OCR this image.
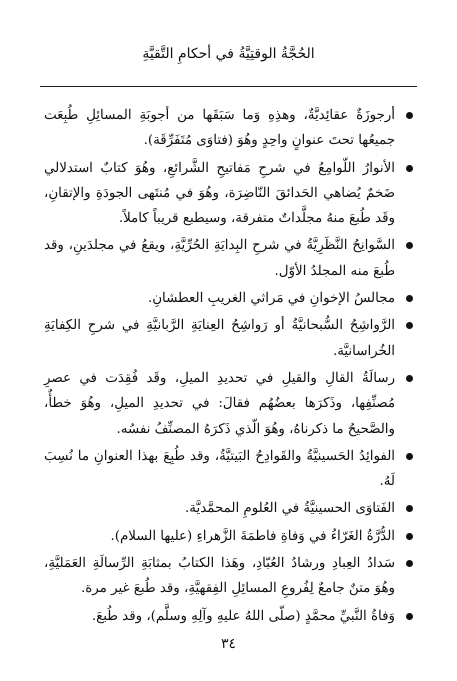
الحُجَّةُ الوقتِيَّةُ في أحكامِ التَّقيَّةِ

أرجوزَةٌ عقائِديَّةٌ، وهذِهِ وَما سَبَقَها من أجوبَةِ المسائِلِ طُبِعَت جميعُها تحتَ عنوانٍ واحِدٍ وهُوَ (فتاوَى مُتَفَرِّقَة).

الأنوارُ اللّوامِعُ في شرحِ مَفاتيحِ الشَّرائعِ، وهُوَ كتابٌ استدلالي ضَخمٌ يُضاهي الحَدائقَ النّاضِرَة، وهُوَ في مُنتَهى الجودَةِ والإتقانِ، وقَد طُبعَ منهُ مجلَّداتٌ متفرقة، وسيطبع قريباً كاملاً.

السَّوانِحُ النَّظَرِيَّةُ في شرحِ البِدايَةِ الحُرِّيَّةِ، ويقعُ في مجلدَينِ، وقد طُبعَ منه المجلدُ الأوّل.

مجالسُ الإخوانِ في مَراثي الغريبِ العطشانِ.

الرَّواشِحُ السُّبحانيَّةُ أو رَواشِحُ العِنايَةِ الرَّبانيَّةِ في شرحِ الكِفايَةِ الخُراسانيَّة.

رسالَةُ القالِ والقيلِ في تحديدِ الميلِ، وقَد فُقِدَت في عصرِ مُصنِّفِها، وذَكرَها بعضُهُم فقالَ: في تحديدِ الميلِ، وهُوَ خطأٌ، والصَّحيحُ ما ذكرناهُ، وهُوَ الّذي ذَكرَهُ المصنِّفُ نفسُه.

الفوائِدُ الحَسينيَّةُ والقَوادِحُ البَيتيَّةُ، وقد طُبِعَ بهذا العنوانِ ما نُسِبَ لَهُ.

الفَتاوَى الحسينيَّةُ في العُلومِ المحمَّديَّة.

الدُّرَّةُ الغَرّاءُ في وَفاةِ فاطمَةَ الزَّهراءِ (عليها السلام).

سَدادُ العِبادِ ورشادُ العُبّادِ، وهَذا الكتابُ بمثابَةِ الرِّسالَةِ العَمَليَّةِ، وهُوَ متنٌ جامعٌ لِفُروعِ المسائِلِ الفِقهيَّةِ، وقد طُبعَ غير مرة.

وَفاةُ النَّبيِّ محمَّدٍ (صلّى اللهُ عليهِ وآلِهِ وسلَّم)، وقد طُبعَ.

٣٤
